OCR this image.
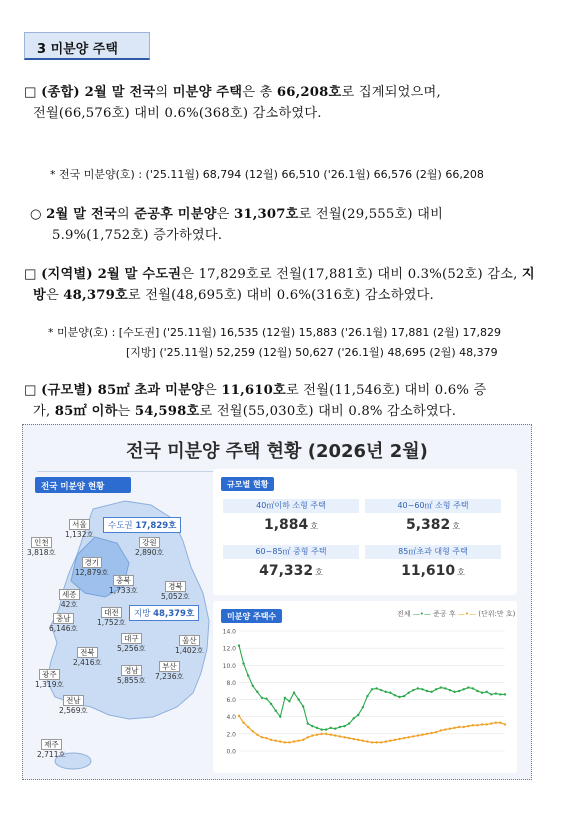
3 미분양 주택
□ (종합) 2월 말 전국의 미분양 주택은 총 66,208호로 집계되었으며,
전월(66,576호) 대비 0.6%(368호) 감소하였다.
* 전국 미분양(호) : ('25.11월) 68,794 (12월) 66,510 ('26.1월) 66,576 (2월) 66,208
○ 2월 말 전국의 준공후 미분양은 31,307호로 전월(29,555호) 대비
5.9%(1,752호) 증가하였다.
□ (지역별) 2월 말 수도권은 17,829호로 전월(17,881호) 대비 0.3%(52호) 감소, 지
방은 48,379호로 전월(48,695호) 대비 0.6%(316호) 감소하였다.
* 미분양(호) : [수도권] ('25.11월) 16,535 (12월) 15,883 ('26.1월) 17,881 (2월) 17,829
[지방] ('25.11월) 52,259 (12월) 50,627 ('26.1월) 48,695 (2월) 48,379
□ (규모별) 85㎡ 초과 미분양은 11,610호로 전월(11,546호) 대비 0.6% 증
가, 85㎡ 이하는 54,598호로 전월(55,030호) 대비 0.8% 감소하였다.
전국 미분양 주택 현황 (2026년 2월)
전국 미분양 현황
수도권 17,829호
지방 48,379호
서울
1,132호
인천
3,818호
강원
2,890호
경기
12,879호
충북
1,733호	경북
5,052호
세종
42호
대전
1,752호
충남
6,146호
대구
5,256호
울산
1,402호
전북
2,416호
경남
5,855호
부산
7,236호
광주
1,319호
전남
2,569호
제주
2,711호
규모별 현황
40㎡이하 소형 주택
1,884 호
40~60㎡ 소형 주택
5,382 호
60~85㎡ 중형 주택
47,332 호
85㎡초과 대형 주택
11,610 호
미분양 주택수	전체 —•— 준공 후 —•— (단위:만 호)
0.0
2.0
4.0
6.0
8.0
10.0
12.0
14.0
